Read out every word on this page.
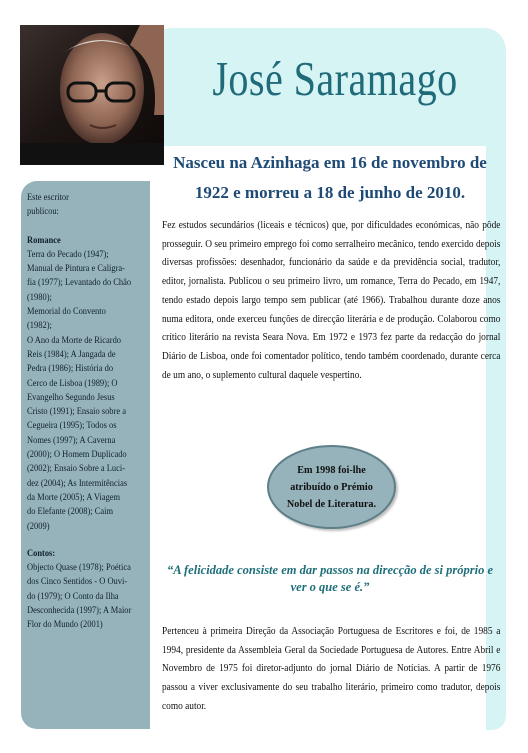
José Saramago
Nasceu na Azinhaga em 16 de novembro de
1922 e morreu a 18 de junho de 2010.

Este escritor

publicou:

Romance

Terra do Pecado (1947);

Manual de Pintura e Caligra-

fia (1977); Levantado do Chão

(1980);

Memorial do Convento

(1982);

O Ano da Morte de Ricardo

Reis (1984); A Jangada de

Pedra (1986); História do

Cerco de Lisboa (1989); O

Evangelho Segundo Jesus

Cristo (1991); Ensaio sobre a

Cegueira (1995); Todos os

Nomes (1997); A Caverna

(2000); O Homem Duplicado

(2002); Ensaio Sobre a Luci-

dez (2004); As Intermitências

da Morte (2005); A Viagem

do Elefante (2008); Caim

(2009)

Contos:

Objecto Quase (1978); Poética

dos Cinco Sentidos - O Ouvi-

do (1979); O Conto da Ilha

Desconhecida (1997); A Maior

Flor do Mundo (2001)

Fez estudos secundários (liceais e técnicos) que, por dificuldades económicas, não pôde prosseguir. O seu primeiro emprego foi como serralheiro mecânico, tendo exercido depois diversas profissões: desenhador, funcionário da saúde e da previdência social, tradutor, editor, jornalista. Publicou o seu primeiro livro, um romance, Terra do Pecado, em 1947, tendo estado depois largo tempo sem publicar (até 1966). Trabalhou durante doze anos numa editora, onde exerceu funções de direcção literária e de produção. Colaborou como crítico literário na revista Seara Nova. Em 1972 e 1973 fez parte da redacção do jornal Diário de Lisboa, onde foi comentador político, tendo também coordenado, durante cerca de um ano, o suplemento cultural daquele vespertino.
Em 1998 foi-lhe
atribuído o Prémio
Nobel de Literatura.
“A felicidade consiste em dar passos na direcção de si próprio e ver o que se é.”
Pertenceu à primeira Direção da Associação Portuguesa de Escritores e foi, de 1985 a 1994, presidente da Assembleia Geral da Sociedade Portuguesa de Autores. Entre Abril e Novembro de 1975 foi diretor-adjunto do jornal Diário de Notícias. A partir de 1976 passou a viver exclusivamente do seu trabalho literário, primeiro como tradutor, depois como autor.
